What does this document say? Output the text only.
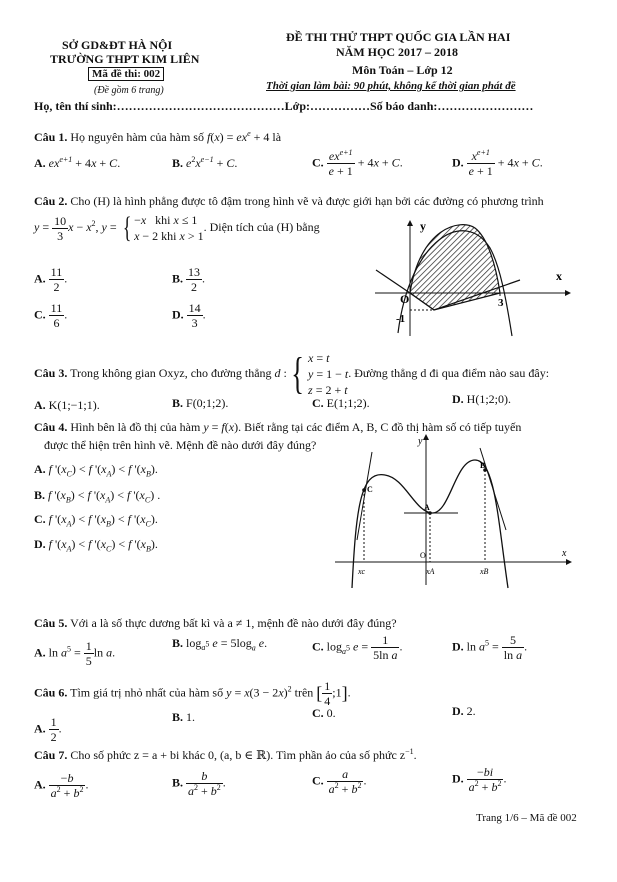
SỞ GD&ĐT HÀ NỘI
TRƯỜNG THPT KIM LIÊN
Mã đề thi: 002
(Đề gồm 6 trang)
ĐỀ THI THỬ THPT QUỐC GIA LẦN HAI
NĂM HỌC 2017 – 2018
Môn Toán – Lớp 12
Thời gian làm bài: 90 phút, không kể thời gian phát đề
Họ, tên thí sinh:……………………………………Lớp:……………Số báo danh:……………………
Câu 1. Họ nguyên hàm của hàm số $f(x) = ex^e + 4$ là
A. $ex^{e+1} + 4x + C$.	B. $e^2x^{e-1} + C$.	C. $\frac{ex^{e+1}}{e + 1} + 4x + C$.	D. $\frac{x^{e+1}}{e + 1} + 4x + C$.
Câu 2. Cho (H) là hình phẳng được tô đậm trong hình vẽ và được giới hạn bởi các đường có phương trình
$y = \frac{10}{3}$ $x - x^2$, y = { −x   khi x ≤ 1
x − 2 khi x > 1. Diện tích của (H) bằng
A. $\frac{11}{2}$ .	B. $\frac{13}{2}$ .
C. $\frac{11}{6}$ .	D. $\frac{14}{3}$ .
y
x
O	3
-1
Câu 3. Trong không gian Oxyz, cho đường thẳng d :{ x = t
y = 1 − t
z = 2 + t. Đường thẳng d đi qua điểm nào sau đây:
A. K(1;−1;1).	B. F(0;1;2).	C. E(1;1;2).	D. H(1;2;0).
Câu 4. Hình bên là đồ thị của hàm y = f(x). Biết rằng tại các điểm A, B, C đồ thị hàm số có tiếp tuyến
được thể hiện trên hình vẽ. Mệnh đề nào dưới đây đúng?
A. f '$(x_C) < f$ '$(x_A) < f$ '$(x_B)$.
B. f '$(x_B) < f$ '$(x_A) < f$ '$(x_C)$ .
C. f '$(x_A) < f$ '$(x_B) < f$ '$(x_C)$.
D. f '$(x_A) < f$ '$(x_C) < f$ '$(x_B)$.
y
x
C
A
B
O
xc	xA	xB
Câu 5. Với a là số thực dương bất kì và a ≠ 1, mệnh đề nào dưới đây đúng?
A. $\ln a^5 = \frac{1}{5}$ ln a.
B. $\log_{a^5} e = 5\log_a$ e.	C. $\log_{a^5} e = \frac{1}{\text{5ln a}}$ .	D. $\ln a^5 = \frac{5}{\text{ln a}}$ .
Câu 6. Tìm giá trị nhỏ nhất của hàm số $y = x(3 - 2x)^2$ trên [ $\frac{1}{4}$ ;1].
A. $\frac{1}{2}$ .
B. 1.	C. 0.	D. 2.
Câu 7. Cho số phức z = a + bi khác 0, (a, b ∈ ℝ). Tìm phần ảo của số phức $z^{-1}$.
A. $\frac{-b}{a^2 + b^2}$ .	B. $\frac{b}{a^2 + b^2}$ .	C. $\frac{a}{a^2 + b^2}$ .	D. $\frac{-bi}{a^2 + b^2}$ .
Trang 1/6 – Mã đề 002
